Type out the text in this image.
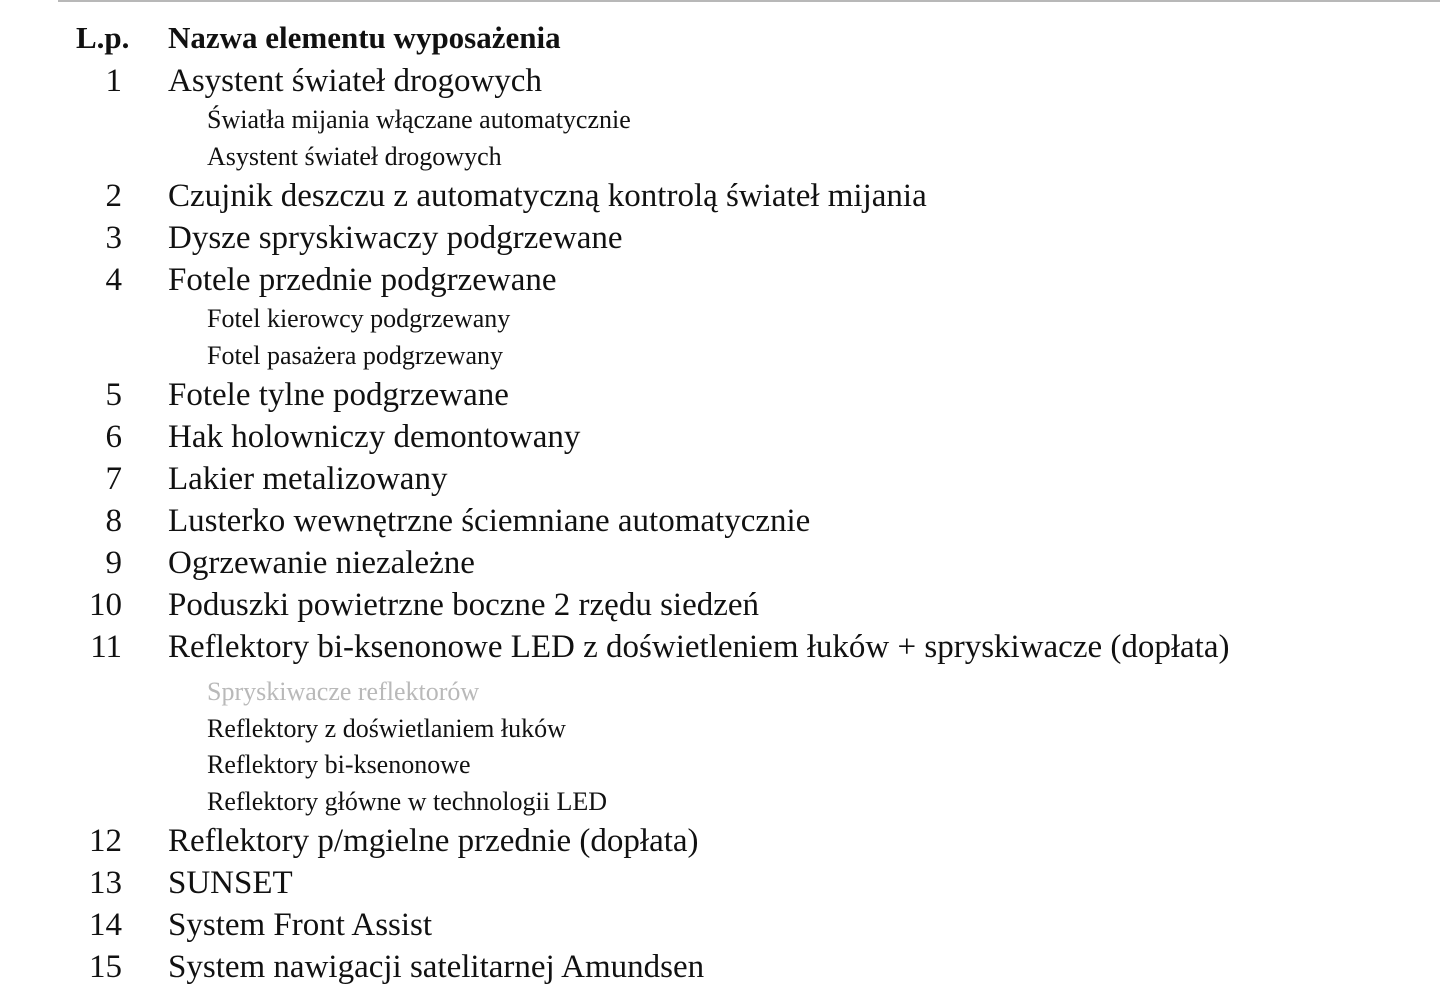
L.p. Nazwa elementu wyposażenia
1 Asystent świateł drogowych
Światła mijania włączane automatycznie
Asystent świateł drogowych
2 Czujnik deszczu z automatyczną kontrolą świateł mijania
3 Dysze spryskiwaczy podgrzewane
4 Fotele przednie podgrzewane
Fotel kierowcy podgrzewany
Fotel pasażera podgrzewany
5 Fotele tylne podgrzewane
6 Hak holowniczy demontowany
7 Lakier metalizowany
8 Lusterko wewnętrzne ściemniane automatycznie
9 Ogrzewanie niezależne
10 Poduszki powietrzne boczne 2 rzędu siedzeń
11 Reflektory bi-ksenonowe LED z doświetleniem łuków + spryskiwacze (dopłata)
Spryskiwacze reflektorów
Reflektory z doświetlaniem łuków
Reflektory bi-ksenonowe
Reflektory główne w technologii LED
12 Reflektory p/mgielne przednie (dopłata)
13 SUNSET
14 System Front Assist
15 System nawigacji satelitarnej Amundsen
